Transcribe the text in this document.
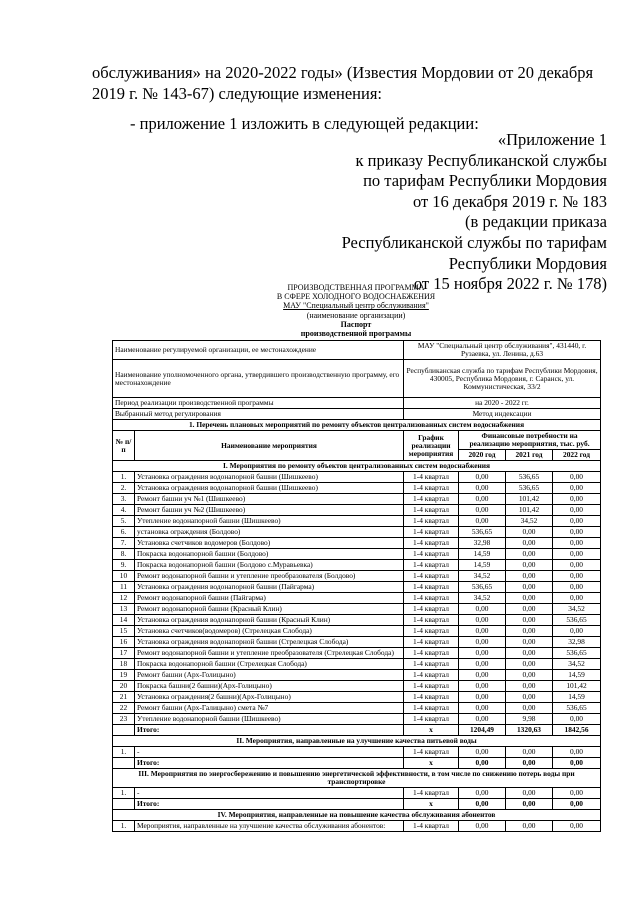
обслуживания» на 2020-2022 годы» (Известия Мордовии от 20 декабря 2019 г. № 143-67) следующие изменения:

- приложение 1 изложить в следующей редакции:
«Приложение 1
к приказу Республиканской службы
по тарифам Республики Мордовия
от 16 декабря 2019 г. № 183
(в редакции приказа
Республиканской службы по тарифам
Республики Мордовия
от 15 ноября 2022 г. № 178)
ПРОИЗВОДСТВЕННАЯ ПРОГРАММА
В СФЕРЕ ХОЛОДНОГО ВОДОСНАБЖЕНИЯ
МАУ "Специальный центр обслуживания"
(наименование организации)
Паспорт
производственной программы
Наименование регулируемой организации, ее местонахождение		МАУ "Специальный центр обслуживания", 431440, г. Рузаевка, ул. Ленина, д.63			
Наименование уполномоченного органа, утвердившего производственную программу, его местонахождение		Республиканская служба по тарифам Республики Мордовия, 430005, Республика Мордовия, г. Саранск, ул. Коммунистическая, 33/2			
Период реализации производственной программы		на 2020 - 2022 гг.			
Выбранный метод регулирования		Метод индексации			
1. Перечень плановых мероприятий по ремонту объектов централизованных систем водоснабжения					
№ п/п	Наименование мероприятия	График реализации мероприятия	Финансовые потребности на реализацию мероприятия, тыс. руб.		
			2020 год	2021 год	2022 год
I. Мероприятия по ремонту объектов централизованных систем водоснабжения					
1.	Установка ограждения водонапорной башни (Шишкеево)	1-4 квартал	0,00	536,65	0,00
2.	Установка ограждения водонапорной башни (Шишкеево)	1-4 квартал	0,00	536,65	0,00
3.	Ремонт башни уч №1 (Шишкеево)	1-4 квартал	0,00	101,42	0,00
4.	Ремонт башни уч №2 (Шишкеево)	1-4 квартал	0,00	101,42	0,00
5.	Утепление водонапорной башни (Шишкеево)	1-4 квартал	0,00	34,52	0,00
6.	установка ограждения (Болдово)	1-4 квартал	536,65	0,00	0,00
7.	Установка счетчиков водомеров (Болдово)	1-4 квартал	32,98	0,00	0,00
8.	Покраска водонапорной башни (Болдово)	1-4 квартал	14,59	0,00	0,00
9.	Покраска водонапорной башни (Болдово с.Муравьевка)	1-4 квартал	14,59	0,00	0,00
10	Ремонт водонапорной башни и утепление преобразователя (Болдово)	1-4 квартал	34,52	0,00	0,00
11	Установка ограждения водонапорной башни (Пайгарма)	1-4 квартал	536,65	0,00	0,00
12	Ремонт водонапорной башни (Пайгарма)	1-4 квартал	34,52	0,00	0,00
13	Ремонт водонапорной башни (Красный Клин)	1-4 квартал	0,00	0,00	34,52
14	Установка ограждения водонапорной башни (Красный Клин)	1-4 квартал	0,00	0,00	536,65
15	Установка счетчиков(водомеров) (Стрелецкая Слобода)	1-4 квартал	0,00	0,00	0,00
16	Установка ограждения водонапорной башни (Стрелецкая Слобода)	1-4 квартал	0,00	0,00	32,98
17	Ремонт водонапорной башни и утепление преобразователя (Стрелецкая Слобода)	1-4 квартал	0,00	0,00	536,65
18	Покраска водонапорной башни (Стрелецкая Слобода)	1-4 квартал	0,00	0,00	34,52
19	Ремонт башни (Арх-Голицыно)	1-4 квартал	0,00	0,00	14,59
20	Покраска башни(2 башни)(Арх-Голицыно)	1-4 квартал	0,00	0,00	101,42
21	Установка ограждения(2 башни)(Арх-Голицыно)	1-4 квартал	0,00	0,00	14,59
22	Ремонт башни (Арх-Галицыно) смета №7	1-4 квартал	0,00	0,00	536,65
23	Утепление водонапорной башни (Шишкеево)	1-4 квартал	0,00	9,98	0,00
	Итого:	х	1204,49	1320,63	1842,56
II. Мероприятия, направленные на улучшение качества питьевой воды					
1.	-	1-4 квартал	0,00	0,00	0,00
	Итого:	х	0,00	0,00	0,00
III. Мероприятия по энергосбережению и повышению энергетической эффективности, в том числе по снижению потерь воды при транспортировке					
1.	-	1-4 квартал	0,00	0,00	0,00
	Итого:	х	0,00	0,00	0,00
IV. Мероприятия, направленные на повышение качества обслуживания абонентов					
1.	Мероприятия, направленные на улучшение качества обслуживания абонентов:	1-4 квартал	0,00	0,00	0,00
